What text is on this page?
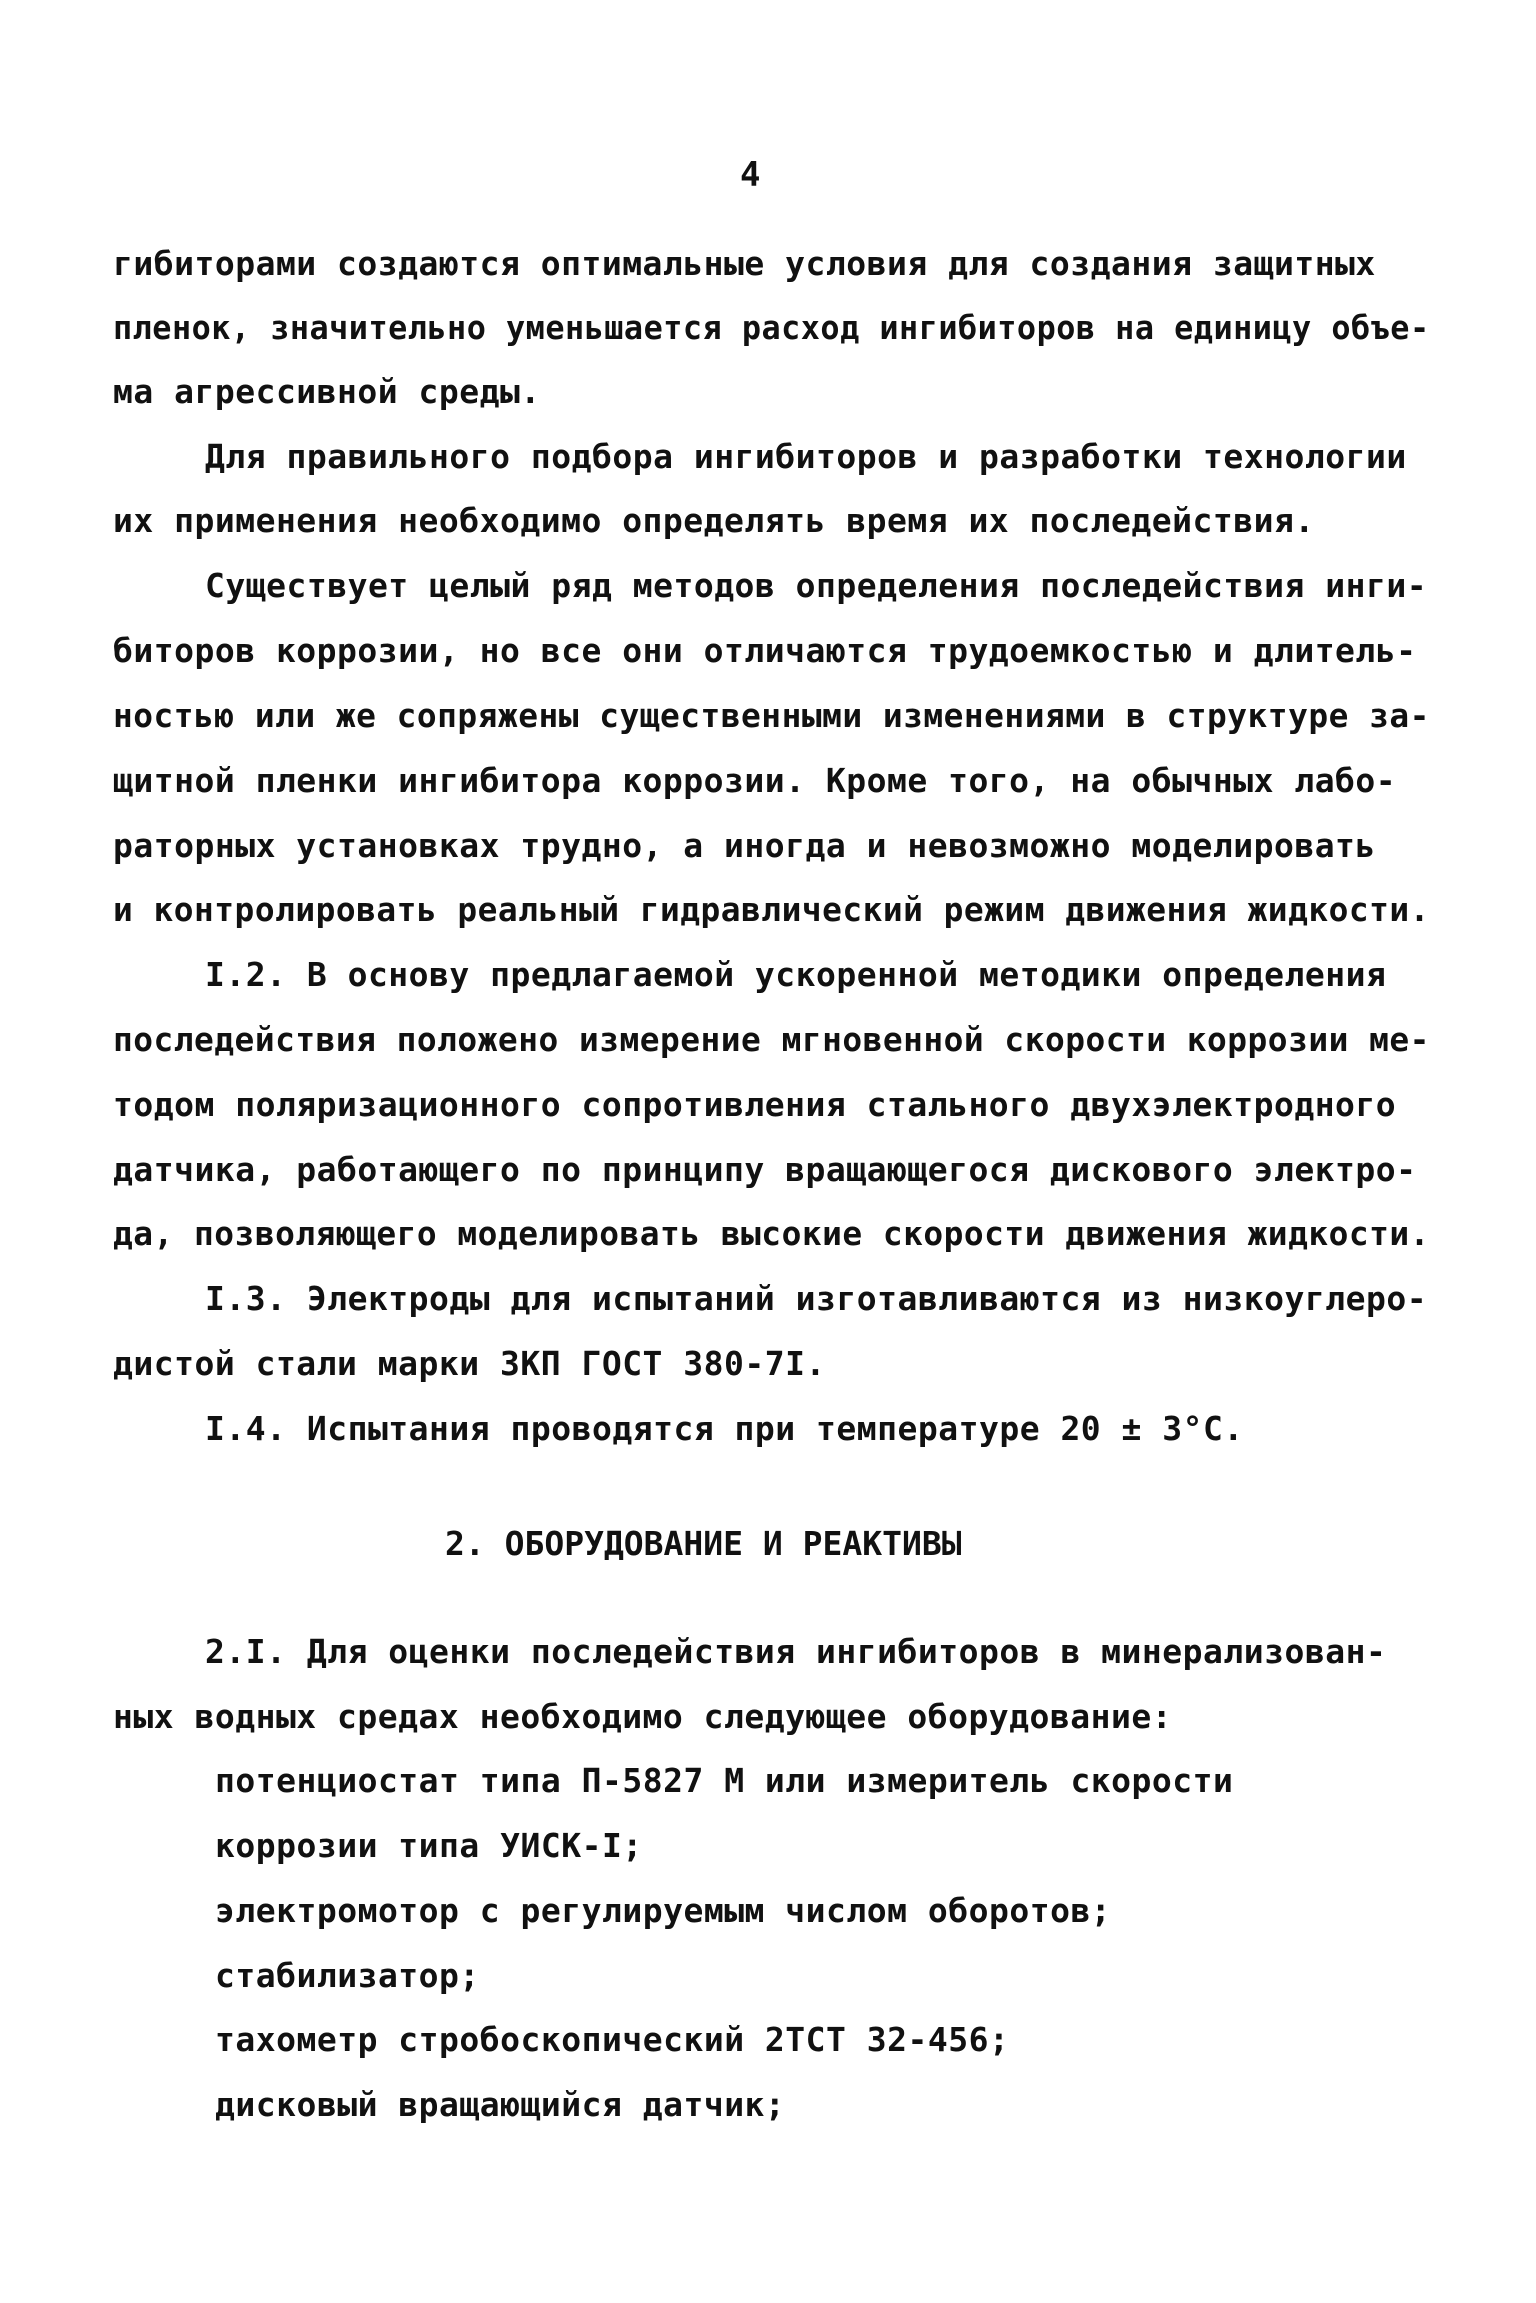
4
гибиторами создаются оптимальные условия для создания защитных
пленок, значительно уменьшается расход ингибиторов на единицу объе-
ма агрессивной среды.
Для правильного подбора ингибиторов и разработки технологии
их применения необходимо определять время их последействия.
Существует целый ряд методов определения последействия инги-
биторов коррозии, но все они отличаются трудоемкостью и длитель-
ностью или же сопряжены существенными изменениями в структуре за-
щитной пленки ингибитора коррозии. Кроме того, на обычных лабо-
раторных установках трудно, а иногда и невозможно моделировать
и контролировать реальный гидравлический режим движения жидкости.
I.2. В основу предлагаемой ускоренной методики определения
последействия положено измерение мгновенной скорости коррозии ме-
тодом поляризационного сопротивления стального двухэлектродного
датчика, работающего по принципу вращающегося дискового электро-
да, позволяющего моделировать высокие скорости движения жидкости.
I.3. Электроды для испытаний изготавливаются из низкоуглеро-
дистой стали марки 3КП ГОСТ 380-7I.
I.4. Испытания проводятся при температуре 20 ± 3°С.
2. ОБОРУДОВАНИЕ И РЕАКТИВЫ
2.I. Для оценки последействия ингибиторов в минерализован-
ных водных средах необходимо следующее оборудование:
потенциостат типа П-5827 М или измеритель скорости
коррозии типа УИСК-I;
электромотор с регулируемым числом оборотов;
стабилизатор;
тахометр стробоскопический 2ТСТ 32-456;
дисковый вращающийся датчик;
